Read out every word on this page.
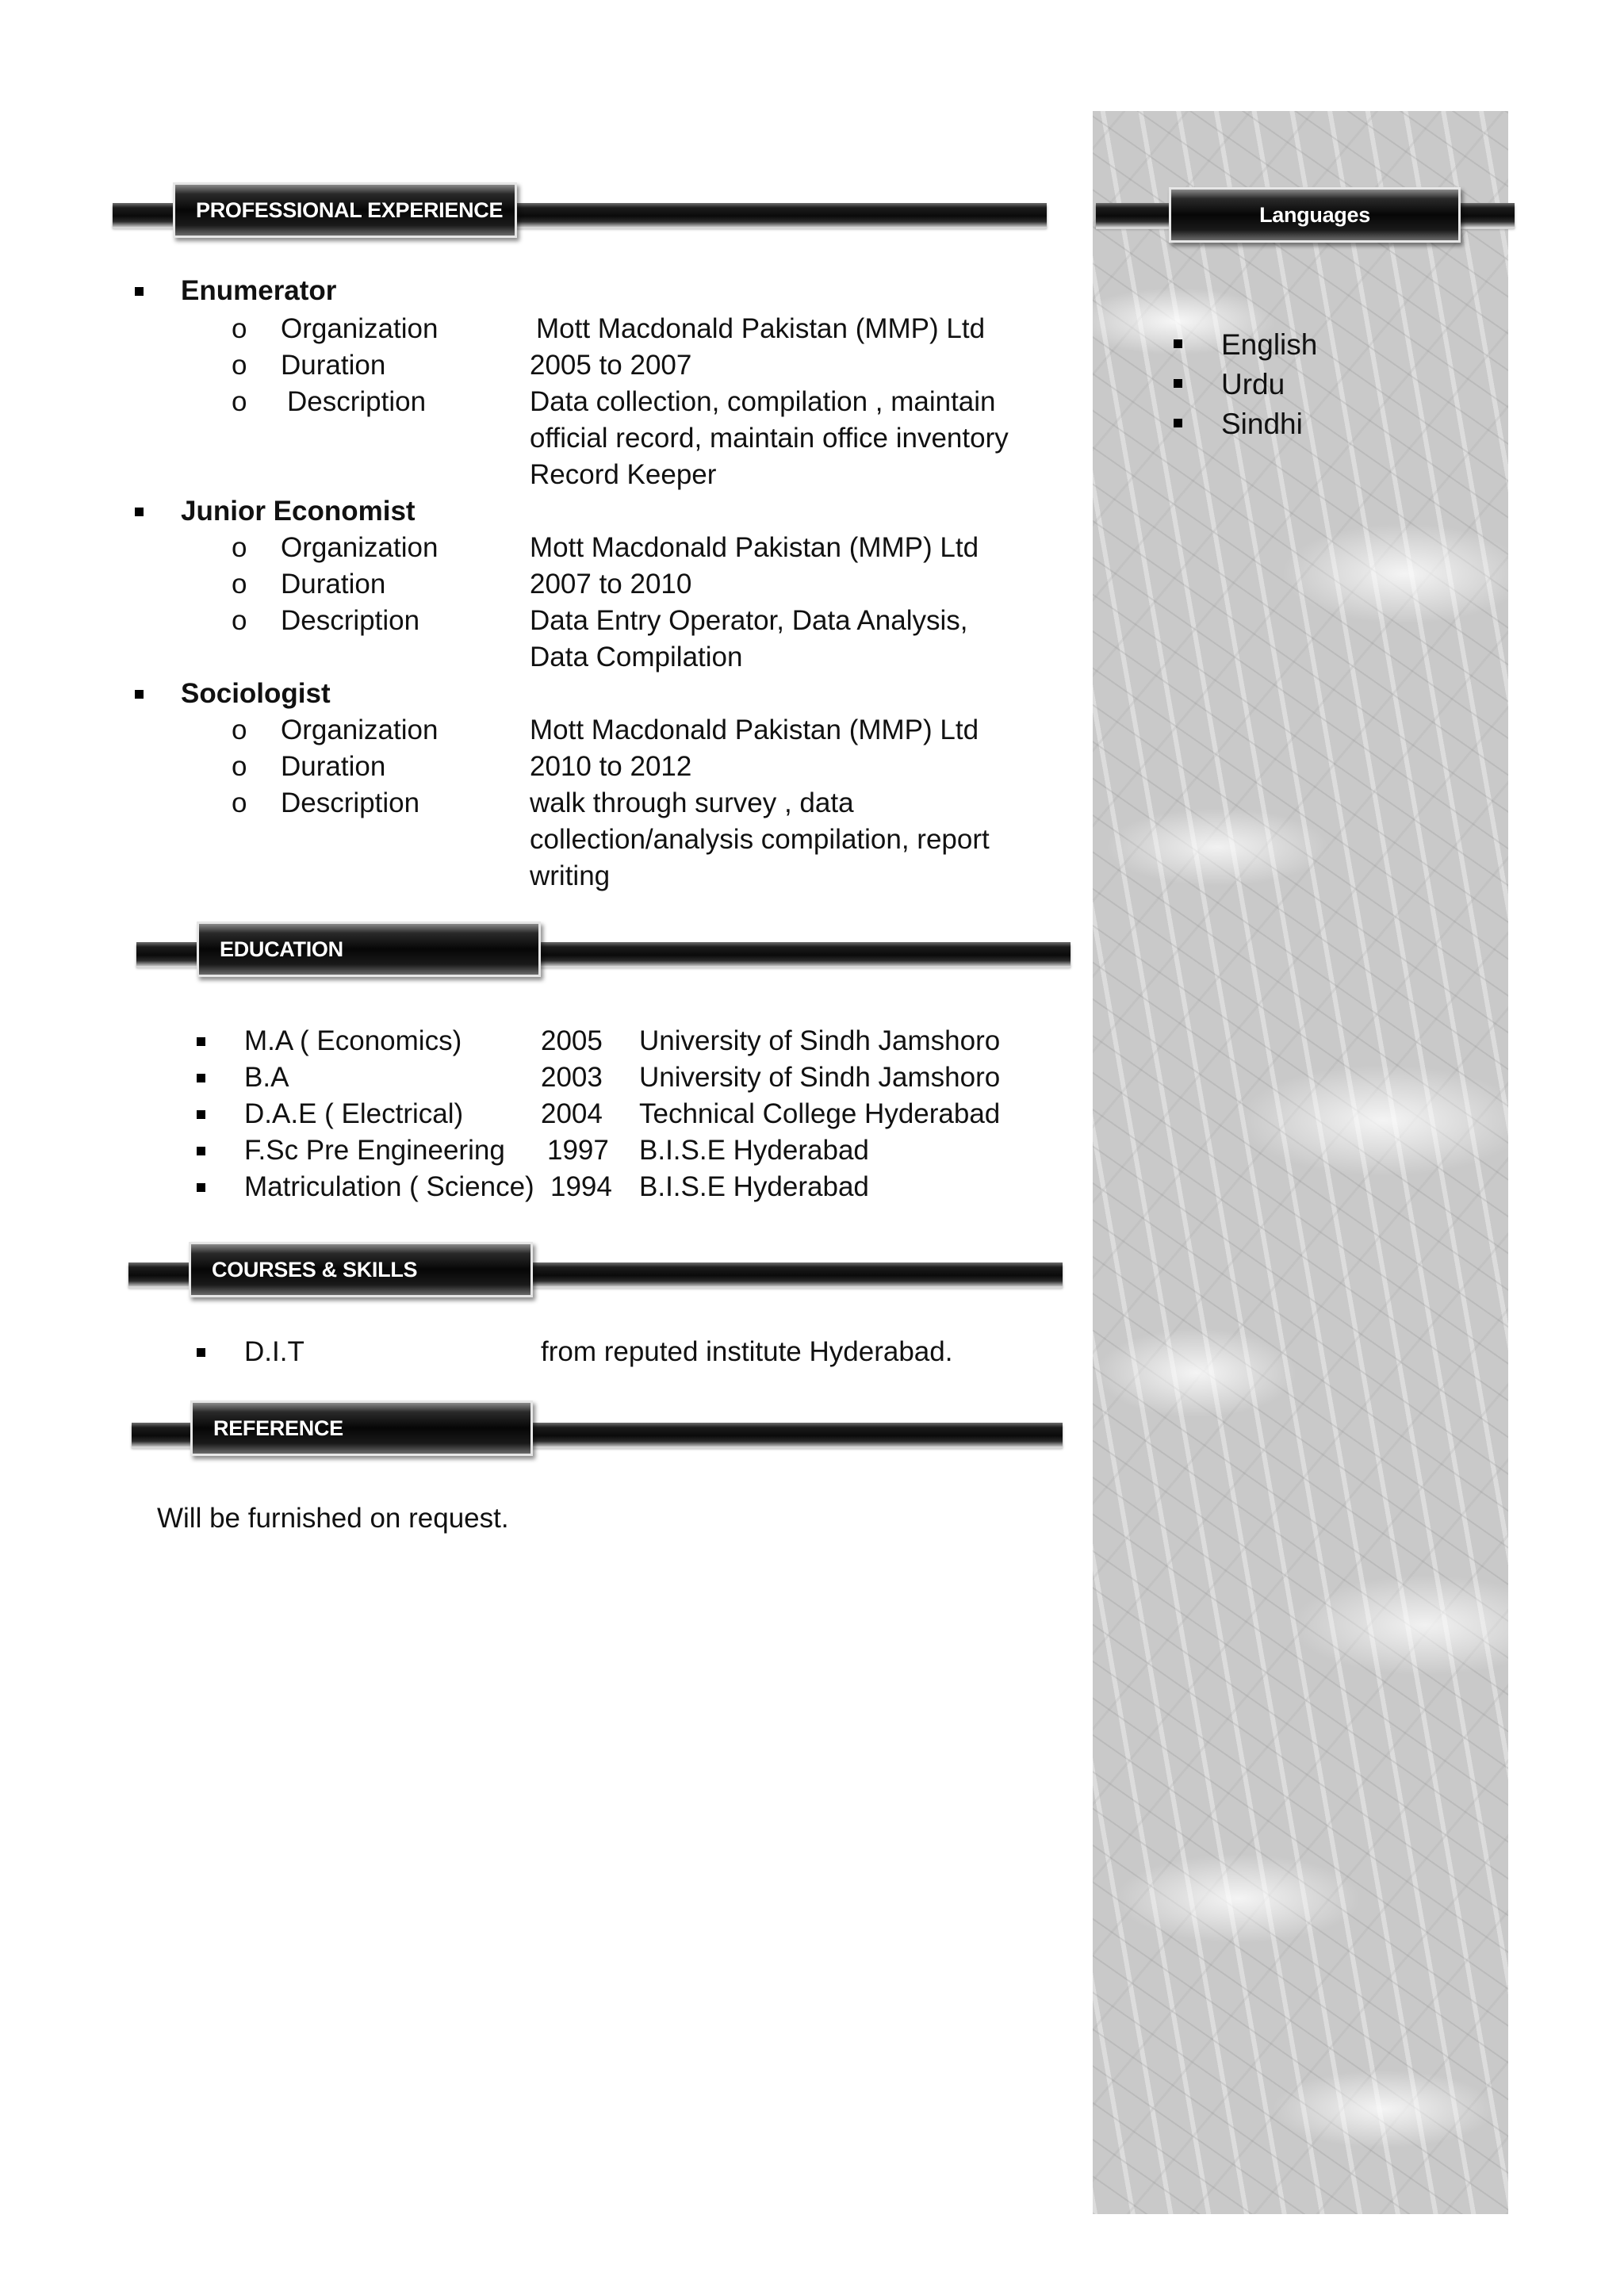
Languages
English
Urdu
Sindhi
PROFESSIONAL EXPERIENCE
Enumerator
o Organization	Mott Macdonald Pakistan (MMP) Ltd
o Duration	2005 to 2007
o Description	Data collection, compilation , maintain
official record, maintain office inventory
Record Keeper
Junior Economist
o Organization	Mott Macdonald Pakistan (MMP) Ltd
o Duration	2007 to 2010
o Description	Data Entry Operator, Data Analysis,
Data Compilation
Sociologist
o Organization	Mott Macdonald Pakistan (MMP) Ltd
o Duration	2010 to 2012
o Description	walk through survey , data
collection/analysis compilation, report
writing
EDUCATION
M.A ( Economics)	2005 University of Sindh Jamshoro
B.A	2003 University of Sindh Jamshoro
D.A.E ( Electrical)	2004 Technical College Hyderabad
F.Sc Pre Engineering 1997 B.I.S.E Hyderabad
Matriculation ( Science) 1994 B.I.S.E Hyderabad
COURSES & SKILLS
D.I.T	from reputed institute Hyderabad.
REFERENCE
Will be furnished on request.
